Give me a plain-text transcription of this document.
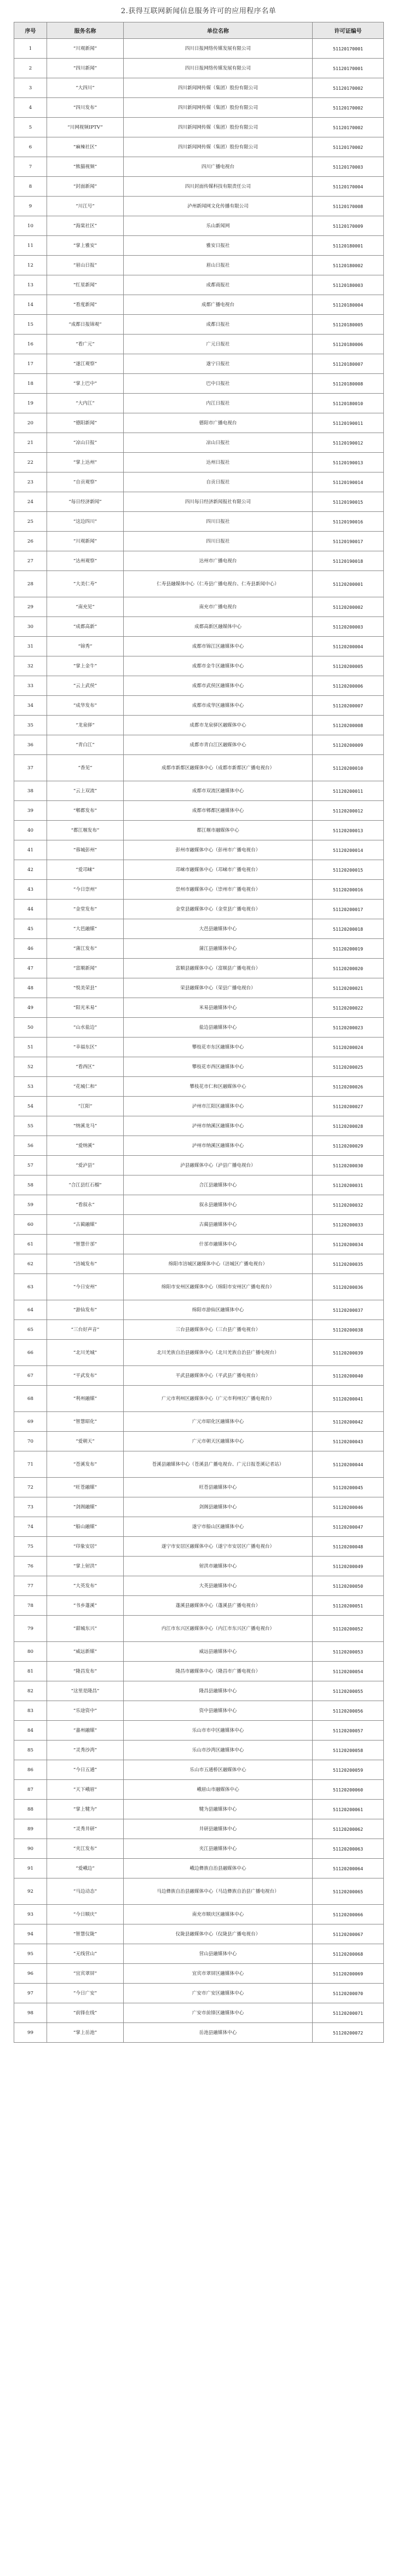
2.获得互联网新闻信息服务许可的应用程序名单
序号	服务名称	单位名称	许可证编号
1	“川观新闻”	四川日报网络传媒发展有限公司	51120170001
2	“四川新闻”	四川日报网络传媒发展有限公司	51120170001
3	“大四川”	四川新闻网传媒（集团）股份有限公司	51120170002
4	“四川发布”	四川新闻网传媒（集团）股份有限公司	51120170002
5	“川网视频IPTV”	四川新闻网传媒（集团）股份有限公司	51120170002
6	“麻辣社区”	四川新闻网传媒（集团）股份有限公司	51120170002
7	“熊猫视频”	四川广播电视台	51120170003
8	“封面新闻”	四川封面传媒科技有限责任公司	51120170004
9	“川江号”	泸州新闻网文化传播有限公司	51120170008
10	“海棠社区”	乐山新闻网	51120170009
11	“掌上雅安”	雅安日报社	51120180001
12	“眉山日报”	眉山日报社	51120180002
13	“红星新闻”	成都商报社	51120180003
14	“看度新闻”	成都广播电视台	51120180004
15	“成都日报锦观”	成都日报社	51120180005
16	“看广元”	广元日报社	51120180006
17	“遂江观察”	遂宁日报社	51120180007
18	“掌上巴中”	巴中日报社	51120180008
19	“大内江”	内江日报社	51120180010
20	“德阳新闻”	德阳市广播电视台	51120190011
21	“凉山日报”	凉山日报社	51120190012
22	“掌上达州”	达州日报社	51120190013
23	“自贡观察”	自贡日报社	51120190014
24	“每日经济新闻”	四川每日经济新闻报社有限公司	51120190015
25	“这边四川”	四川日报社	51120190016
26	“川观新闻”	四川日报社	51120190017
27	“达州观察”	达州市广播电视台	51120190018
28	“大美仁寿”	仁寿县融媒体中心（仁寿县广播电视台、仁寿县新闻中心）	51120200001
29	“南充见”	南充市广播电视台	51120200002
30	“成都高新”	成都高新区融媒体中心	51120200003
31	“锦秀”	成都市锦江区融媒体中心	51120200004
32	“掌上金牛”	成都市金牛区融媒体中心	51120200005
33	“云上武侯”	成都市武侯区融媒体中心	51120200006
34	“成华发布”	成都市成华区融媒体中心	51120200007
35	“龙泉驿”	成都市龙泉驿区融媒体中心	51120200008
36	“青白江”	成都市青白江区融媒体中心	51120200009
37	“香见”	成都市新都区融媒体中心（成都市新都区广播电视台）	51120200010
38	“云上双流”	成都市双流区融媒体中心	51120200011
39	“郫都发布”	成都市郫都区融媒体中心	51120200012
40	“都江堰发布”	都江堰市融媒体中心	51120200013
41	“蓉城彭州”	彭州市融媒体中心（彭州市广播电视台）	51120200014
42	“爱邛崃”	邛崃市融媒体中心（邛崃市广播电视台）	51120200015
43	“今日崇州”	崇州市融媒体中心（崇州市广播电视台）	51120200016
44	“金堂发布”	金堂县融媒体中心（金堂县广播电视台）	51120200017
45	“大邑融媒”	大邑县融媒体中心	51120200018
46	“蒲江发布”	蒲江县融媒体中心	51120200019
47	“富顺新闻”	富顺县融媒体中心（富顺县广播电视台）	51120200020
48	“悦美荣县”	荣县融媒体中心（荣县广播电视台）	51120200021
49	“阳光米易”	米易县融媒体中心	51120200022
50	“山水盐边”	盐边县融媒体中心	51120200023
51	“幸福东区”	攀枝花市东区融媒体中心	51120200024
52	“看西区”	攀枝花市西区融媒体中心	51120200025
53	“花城仁和”	攀枝花市仁和区融媒体中心	51120200026
54	“江阳”	泸州市江阳区融媒体中心	51120200027
55	“纳溪龙马”	泸州市纳溪区融媒体中心	51120200028
56	“爱纳溪”	泸州市纳溪区融媒体中心	51120200029
57	“爱泸县”	泸县融媒体中心（泸县广播电视台）	51120200030
58	“合江县红石榴”	合江县融媒体中心	51120200031
59	“看叙永”	叙永县融媒体中心	51120200032
60	“古蔺融媒”	古蔺县融媒体中心	51120200033
61	“智慧什邡”	什邡市融媒体中心	51120200034
62	“涪城发布”	绵阳市涪城区融媒体中心（涪城区广播电视台）	51120200035
63	“今日安州”	绵阳市安州区融媒体中心（绵阳市安州区广播电视台）	51120200036
64	“游仙发布”	绵阳市游仙区融媒体中心	51120200037
65	“三台好声音”	三台县融媒体中心（三台县广播电视台）	51120200038
66	“北川羌城”	北川羌族自治县融媒体中心（北川羌族自治县广播电视台）	51120200039
67	“平武发布”	平武县融媒体中心（平武县广播电视台）	51120200040
68	“利州融媒”	广元市利州区融媒体中心（广元市利州区广播电视台）	51120200041
69	“智慧昭化”	广元市昭化区融媒体中心	51120200042
70	“爱朝天”	广元市朝天区融媒体中心	51120200043
71	“苍溪发布”	苍溪县融媒体中心（苍溪县广播电视台、广元日报苍溪记者站）	51120200044
72	“旺苍融媒”	旺苍县融媒体中心	51120200045
73	“剑阁融媒”	剑阁县融媒体中心	51120200046
74	“船山融媒”	遂宁市船山区融媒体中心	51120200047
75	“印象安居”	遂宁市安居区融媒体中心（遂宁市安居区广播电视台）	51120200048
76	“掌上射洪”	射洪市融媒体中心	51120200049
77	“大英发布”	大英县融媒体中心	51120200050
78	“书乡蓬溪”	蓬溪县融媒体中心（蓬溪县广播电视台）	51120200051
79	“甜城东兴”	内江市东兴区融媒体中心（内江市东兴区广播电视台）	51120200052
80	“威远新媒”	威远县融媒体中心	51120200053
81	“隆昌发布”	隆昌市融媒体中心（隆昌市广播电视台）	51120200054
82	“这里是隆昌”	隆昌县融媒体中心	51120200055
83	“乐途资中”	资中县融媒体中心	51120200056
84	“嘉州融媒”	乐山市市中区融媒体中心	51120200057
85	“灵秀沙湾”	乐山市沙湾区融媒体中心	51120200058
86	“今日五通”	乐山市五通桥区融媒体中心	51120200059
87	“天下峨眉”	峨眉山市融媒体中心	51120200060
88	“掌上犍为”	犍为县融媒体中心	51120200061
89	“灵秀井研”	井研县融媒体中心	51120200062
90	“夹江发布”	夹江县融媒体中心	51120200063
91	“爱峨边”	峨边彝族自治县融媒体中心	51120200064
92	“马边动态”	马边彝族自治县融媒体中心（马边彝族自治县广播电视台）	51120200065
93	“今日顺庆”	南充市顺庆区融媒体中心	51120200066
94	“智慧仪陇”	仪陇县融媒体中心（仪陇县广播电视台）	51120200067
95	“无线营山”	营山县融媒体中心	51120200068
96	“宜宾翠屏”	宜宾市翠屏区融媒体中心	51120200069
97	“今日广安”	广安市广安区融媒体中心	51120200070
98	“前锋在线”	广安市前锋区融媒体中心	51120200071
99	“掌上岳池”	岳池县融媒体中心	51120200072
